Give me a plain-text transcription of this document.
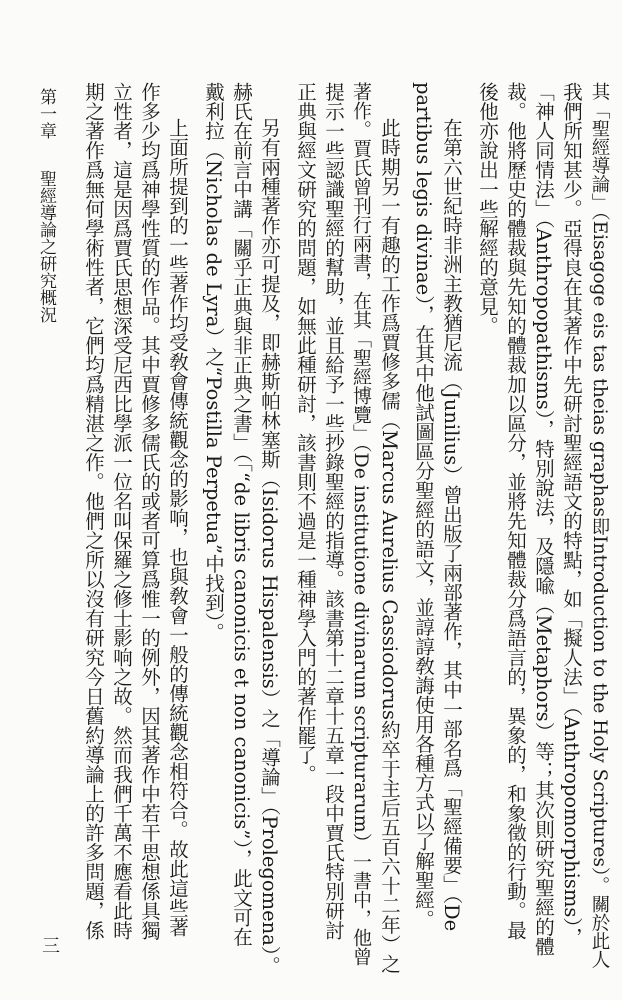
其「聖經導論」（Eisagoge eis tas theias graphas即Introduction to the Holy Scriptures）。關於此人
我們所知甚少。亞得良在其著作中先研討聖經語文的特點，如「擬人法」（Anthropomorphisms），
「神人同情法」（Anthropopathisms），特別說法，及隱喩（Metaphors）等；其次則硏究聖經的體
裁。他將歷史的體裁與先知的體裁加以區分，並將先知體裁分爲語言的，異象的，和象徵的行動。最
後他亦說出一些解經的意見。
在第六世紀時非洲主教猶尼流（Junilius）曾出版了兩部著作，其中一部名爲「聖經備要」（De
partibus legis divinae），在其中他試圖區分聖經的語文，並諄諄敎誨使用各種方式以了解聖經。
此時期另一有趣的工作爲賈修多儒（Marcus Aurelius Cassiodorus約卒于主后五百六十二年）之
著作。賈氏曾刊行兩書，在其「聖經博覽」（De institutione divinarum scripturarum）一書中，他曾
提示一些認識聖經的幫助，並且給予一些抄錄聖經的指導。該書第十二章十五章一段中賈氏特別研討
正典與經文硏究的問題，如無此種研討，該書則不過是一種神學入門的著作罷了。
另有兩種著作亦可提及，即赫斯帕林塞斯（Isidorus Hispalensis）之「導論」（Prolegomena）。
赫氏在前言中講「關乎正典與非正典之書」（「“de libris canonicis et non canonicis”），此文可在
戴利拉（Nicholas de Lyra）之“Postilla Perpetua”中找到）。
上面所提到的一些著作均受敎會傳統觀念的影响，也與敎會一般的傳統觀念相符合。故此這些著
作多少均爲神學性質的作品。其中賈修多儒氏的或者可算爲惟一的例外，因其著作中若干思想係具獨
立性者，這是因爲賈氏思想深受尼西比學派一位名叫保羅之修士影响之故。然而我們千萬不應看此時
期之著作爲無何學術性者，它們均爲精湛之作。他們之所以沒有研究今日舊約導論上的許多問題，係
第一章
聖經導論之硏究概況
三
